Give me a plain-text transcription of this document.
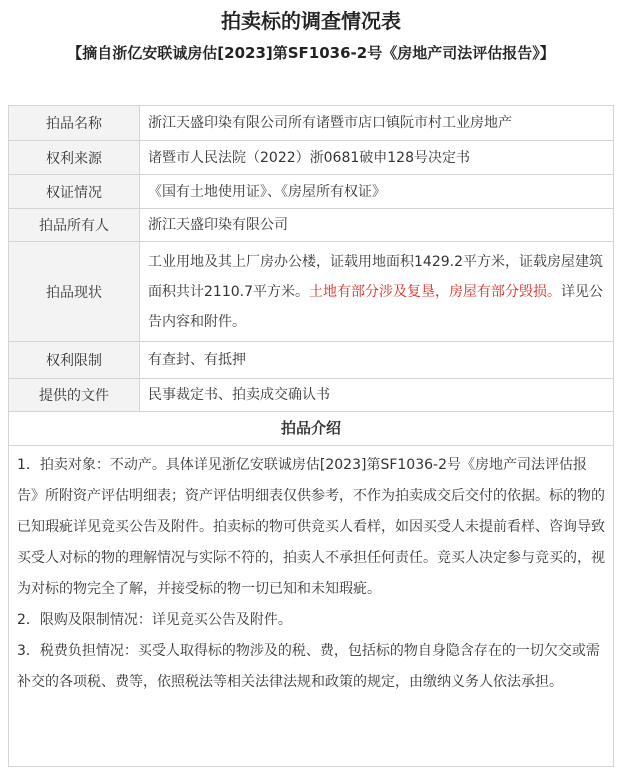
拍卖标的调查情况表
【摘自浙亿安联诚房估[2023]第SF1036-2号《房地产司法评估报告》】
拍品名称	浙江天盛印染有限公司所有诸暨市店口镇阮市村工业房地产
权利来源	诸暨市人民法院（2022）浙0681破申128号决定书
权证情况	《国有土地使用证》、《房屋所有权证》
拍品所有人	浙江天盛印染有限公司
拍品现状	工业用地及其上厂房办公楼，证载用地面积1429.2平方米，证载房屋建筑面积共计2110.7平方米。土地有部分涉及复垦，房屋有部分毁损。详见公告内容和附件。
权利限制	有查封、有抵押
提供的文件	民事裁定书、拍卖成交确认书
拍品介绍

1．拍卖对象：不动产。具体详见浙亿安联诚房估[2023]第SF1036-2号《房地产司法评估报告》所附资产评估明细表；资产评估明细表仅供参考，不作为拍卖成交后交付的依据。标的物的已知瑕疵详见竞买公告及附件。拍卖标的物可供竞买人看样，如因买受人未提前看样、咨询导致买受人对标的物的理解情况与实际不符的，拍卖人不承担任何责任。竞买人决定参与竞买的，视为对标的物完全了解，并接受标的物一切已知和未知瑕疵。

2．限购及限制情况：详见竞买公告及附件。

3．税费负担情况：买受人取得标的物涉及的税、费，包括标的物自身隐含存在的一切欠交或需补交的各项税、费等，依照税法等相关法律法规和政策的规定，由缴纳义务人依法承担。
